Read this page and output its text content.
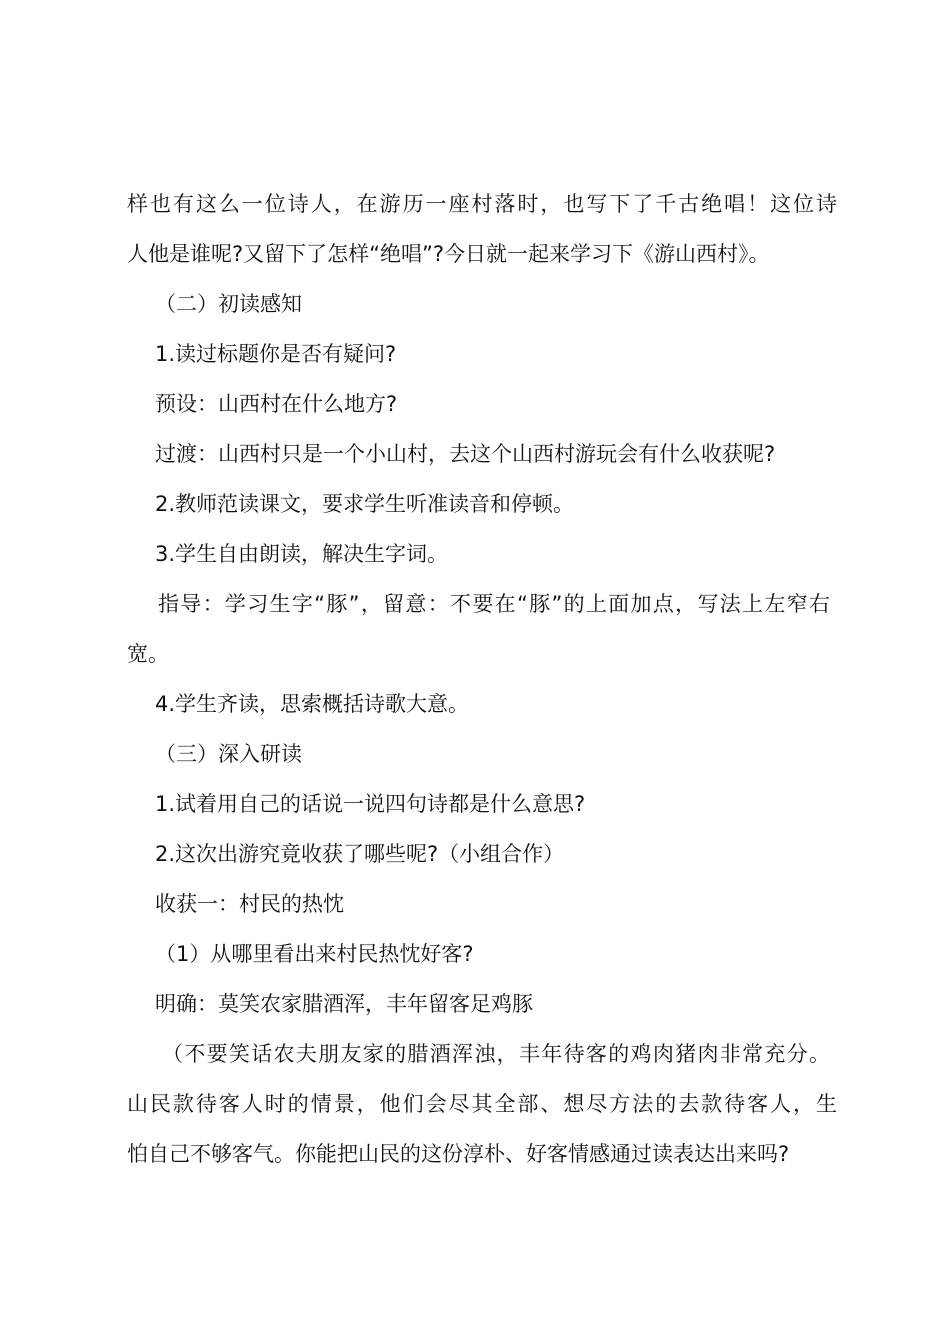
样也有这么一位诗人，在游历一座村落时，也写下了千古绝唱！这位诗
人他是谁呢?又留下了怎样“绝唱”?今日就一起来学习下《游山西村》。
（二）初读感知
1.读过标题你是否有疑问?
预设：山西村在什么地方?
过渡：山西村只是一个小山村，去这个山西村游玩会有什么收获呢?
2.教师范读课文，要求学生听准读音和停顿。
3.学生自由朗读，解决生字词。
指导：学习生字“豚”，留意：不要在“豚”的上面加点，写法上左窄右
宽。
4.学生齐读，思索概括诗歌大意。
（三）深入研读
1.试着用自己的话说一说四句诗都是什么意思?
2.这次出游究竟收获了哪些呢?（小组合作）
收获一：村民的热忱
（1）从哪里看出来村民热忱好客?
明确：莫笑农家腊酒浑，丰年留客足鸡豚
（不要笑话农夫朋友家的腊酒浑浊，丰年待客的鸡肉猪肉非常充分。
山民款待客人时的情景，他们会尽其全部、想尽方法的去款待客人，生
怕自己不够客气。你能把山民的这份淳朴、好客情感通过读表达出来吗?
